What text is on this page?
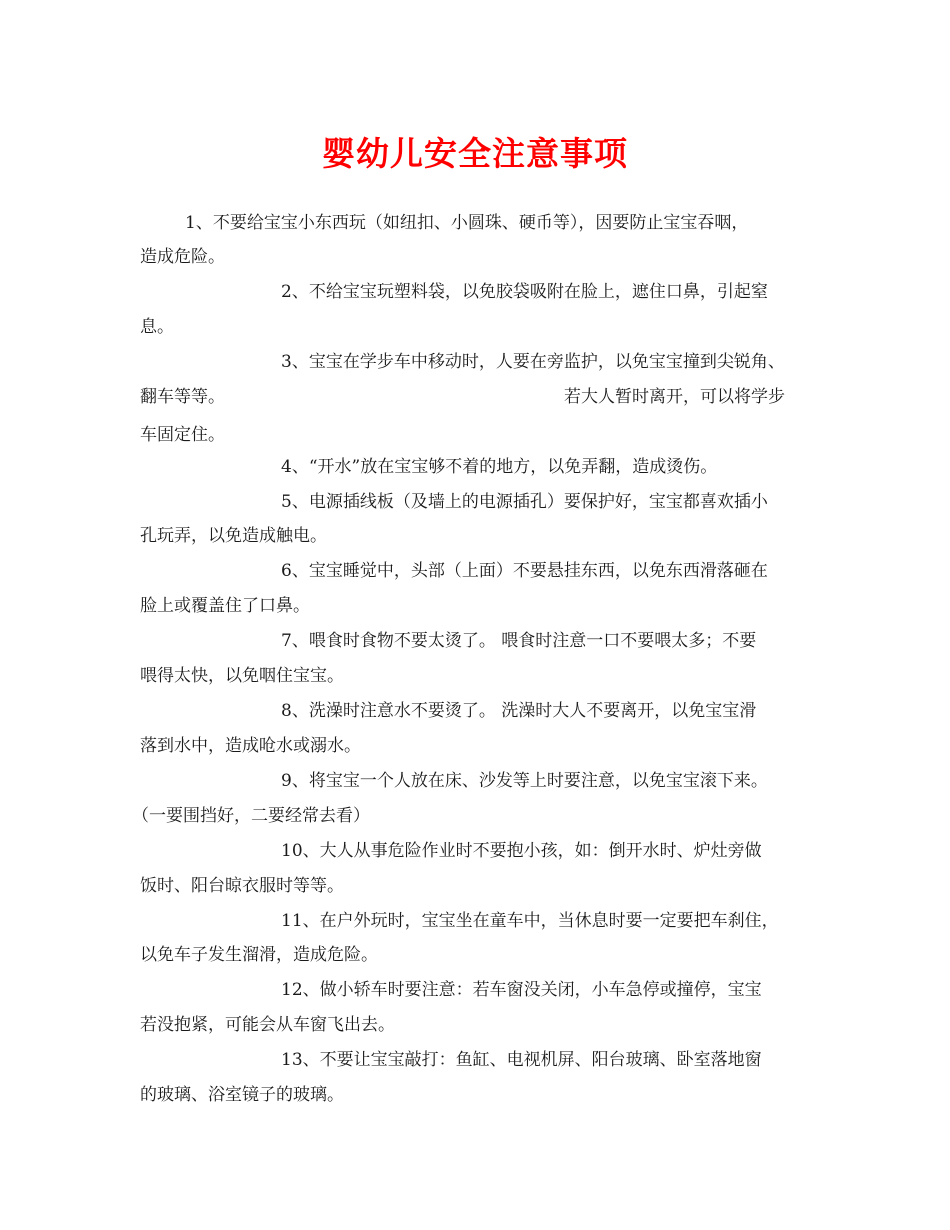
婴幼儿安全注意事项
1、不要给宝宝小东西玩（如纽扣、小圆珠、硬币等），因要防止宝宝吞咽，
造成危险。
2、不给宝宝玩塑料袋，以免胶袋吸附在脸上，遮住口鼻，引起窒
息。
3、宝宝在学步车中移动时，人要在旁监护，以免宝宝撞到尖锐角、
翻车等等。	若大人暂时离开，可以将学步
车固定住。
4、“开水”放在宝宝够不着的地方，以免弄翻，造成烫伤。
5、电源插线板（及墙上的电源插孔）要保护好，宝宝都喜欢插小
孔玩弄，以免造成触电。
6、宝宝睡觉中，头部（上面）不要悬挂东西，以免东西滑落砸在
脸上或覆盖住了口鼻。
7、喂食时食物不要太烫了。 喂食时注意一口不要喂太多；不要
喂得太快，以免咽住宝宝。
8、洗澡时注意水不要烫了。 洗澡时大人不要离开，以免宝宝滑
落到水中，造成呛水或溺水。
9、将宝宝一个人放在床、沙发等上时要注意，以免宝宝滚下来。
（一要围挡好，二要经常去看）
10、大人从事危险作业时不要抱小孩，如：倒开水时、炉灶旁做
饭时、阳台晾衣服时等等。
11、在户外玩时，宝宝坐在童车中，当休息时要一定要把车刹住，
以免车子发生溜滑，造成危险。
12、做小轿车时要注意：若车窗没关闭，小车急停或撞停，宝宝
若没抱紧，可能会从车窗飞出去。
13、不要让宝宝敲打：鱼缸、电视机屏、阳台玻璃、卧室落地窗
的玻璃、浴室镜子的玻璃。
